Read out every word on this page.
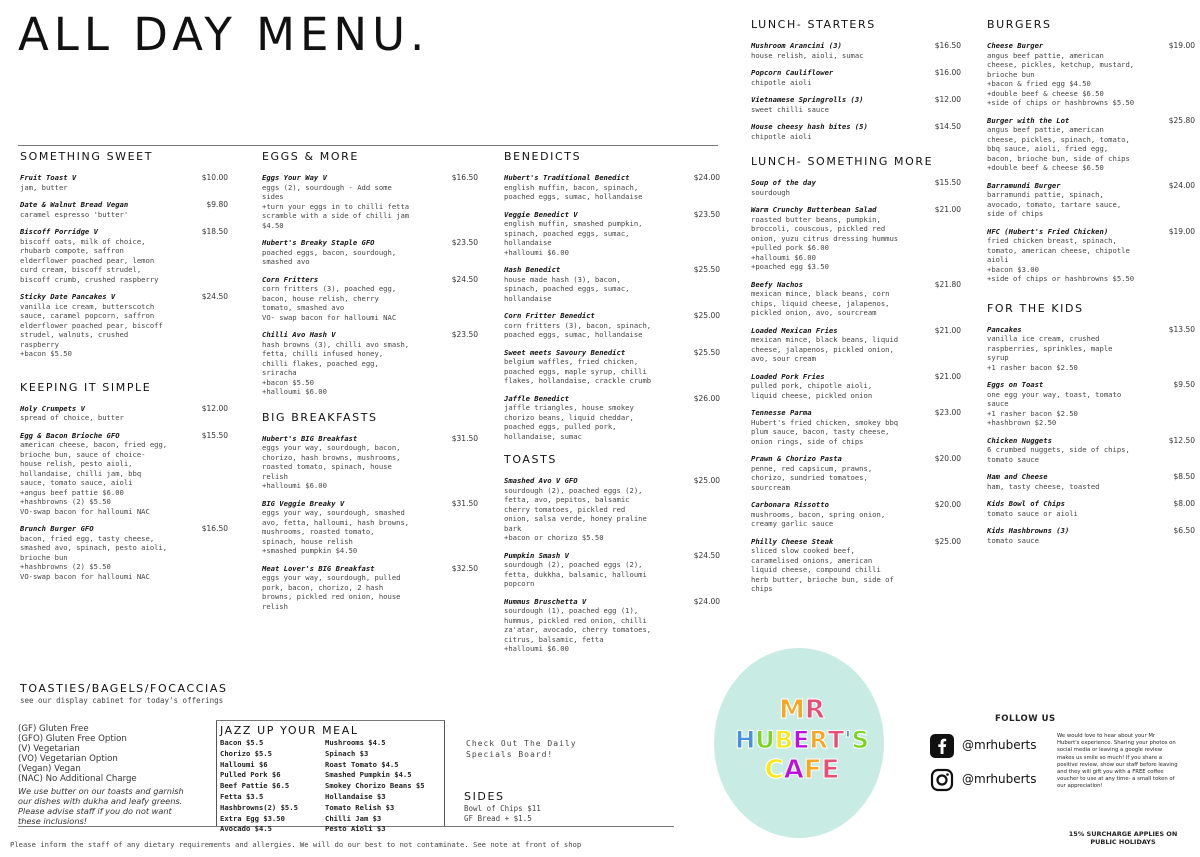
ALL DAY MENU.
SOMETHING SWEET
Fruit Toast V
jam, butter
$10.00
Date & Walnut Bread Vegan
caramel espresso 'butter'
$9.80
Biscoff Porridge V
biscoff oats, milk of choice,
rhubarb compote, saffron
elderflower poached pear, lemon
curd cream, biscoff strudel,
biscoff crumb, crushed raspberry
$18.50
Sticky Date Pancakes V
vanilla ice cream, butterscotch
sauce, caramel popcorn, saffron
elderflower poached pear, biscoff
strudel, walnuts, crushed
raspberry
+bacon $5.50
$24.50
KEEPING IT SIMPLE
Holy Crumpets V
spread of choice, butter
$12.00
Egg & Bacon Brioche GFO
american cheese, bacon, fried egg,
brioche bun, sauce of choice-
house relish, pesto aioli,
hollandaise, chilli jam, bbq
sauce, tomato sauce, aioli
+angus beef pattie $6.00
+hashbrowns (2) $5.50
VO-swap bacon for halloumi NAC
$15.50
Brunch Burger GFO
bacon, fried egg, tasty cheese,
smashed avo, spinach, pesto aioli,
brioche bun
+hashbrowns (2) $5.50
VO-swap bacon for halloumi NAC
$16.50
EGGS & MORE
Eggs Your Way V
eggs (2), sourdough - Add some
sides
+turn your eggs in to chilli fetta
scramble with a side of chilli jam
$4.50
$16.50
Hubert's Breaky Staple GFO
poached eggs, bacon, sourdough,
smashed avo
$23.50
Corn Fritters
corn fritters (3), poached egg,
bacon, house relish, cherry
tomato, smashed avo
VO- swap bacon for halloumi NAC
$24.50
Chilli Avo Hash V
hash browns (3), chilli avo smash,
fetta, chilli infused honey,
chilli flakes, poached egg,
sriracha
+bacon $5.50
+halloumi $6.00
$23.50
BIG BREAKFASTS
Hubert's BIG Breakfast
eggs your way, sourdough, bacon,
chorizo, hash browns, mushrooms,
roasted tomato, spinach, house
relish
+halloumi $6.00
$31.50
BIG Veggie Breaky V
eggs your way, sourdough, smashed
avo, fetta, halloumi, hash browns,
mushrooms, roasted tomato,
spinach, house relish
+smashed pumpkin $4.50
$31.50
Meat Lover's BIG Breakfast
eggs your way, sourdough, pulled
pork, bacon, chorizo, 2 hash
browns, pickled red onion, house
relish
$32.50
BENEDICTS
Hubert's Traditional Benedict
english muffin, bacon, spinach,
poached eggs, sumac, hollandaise
$24.00
Veggie Benedict V
english muffin, smashed pumpkin,
spinach, poached eggs, sumac,
hollandaise
+halloumi $6.00
$23.50
Hash Benedict
house made hash (3), bacon,
spinach, poached eggs, sumac,
hollandaise
$25.50
Corn Fritter Benedict
corn fritters (3), bacon, spinach,
poached eggs, sumac, hollandaise
$25.00
Sweet meets Savoury Benedict
belgium waffles, fried chicken,
poached eggs, maple syrup, chilli
flakes, hollandaise, crackle crumb
$25.50
Jaffle Benedict
jaffle triangles, house smokey
chorizo beans, liquid cheddar,
poached eggs, pulled pork,
hollandaise, sumac
$26.00
TOASTS
Smashed Avo V GFO
sourdough (2), poached eggs (2),
fetta, avo, pepitos, balsamic
cherry tomatoes, pickled red
onion, salsa verde, honey praline
bark
+bacon or chorizo $5.50
$25.00
Pumpkin Smash V
sourdough (2), poached eggs (2),
fetta, dukkha, balsamic, halloumi
popcorn
$24.50
Hummus Bruschetta V
sourdough (1), poached egg (1),
hummus, pickled red onion, chilli
za'atar, avocado, cherry tomatoes,
citrus, balsamic, fetta
+halloumi $6.00
$24.00
LUNCH- STARTERS
Mushroom Arancini (3)
house relish, aioli, sumac
$16.50
Popcorn Cauliflower
chipotle aioli
$16.00
Vietnamese Springrolls (3)
sweet chilli sauce
$12.00
House cheesy hash bites (5)
chipotle aioli
$14.50
LUNCH- SOMETHING MORE
Soup of the day
sourdough
$15.50
Warm Crunchy Butterbean Salad
roasted butter beans, pumpkin,
broccoli, couscous, pickled red
onion, yuzu citrus dressing hummus
+pulled pork $6.00
+halloumi $6.00
+poached egg $3.50
$21.00
Beefy Nachos
mexican mince, black beans, corn
chips, liquid cheese, jalapenos,
pickled onion, avo, sourcream
$21.80
Loaded Mexican Fries
mexican mince, black beans, liquid
cheese, jalapenos, pickled onion,
avo, sour cream
$21.00
Loaded Pork Fries
pulled pork, chipotle aioli,
liquid cheese, pickled onion
$21.00
Tennesse Parma
Hubert's fried chicken, smokey bbq
plum sauce, bacon, tasty cheese,
onion rings, side of chips
$23.00
Prawn & Chorizo Pasta
penne, red capsicum, prawns,
chorizo, sundried tomatoes,
sourcream
$20.00
Carbonara Rissotto
mushrooms, bacon, spring onion,
creamy garlic sauce
$20.00
Philly Cheese Steak
sliced slow cooked beef,
caramelised onions, american
liquid cheese, compound chilli
herb butter, brioche bun, side of
chips
$25.00
BURGERS
Cheese Burger
angus beef pattie, american
cheese, pickles, ketchup, mustard,
brioche bun
+bacon & fried egg $4.50
+double beef & cheese $6.50
+side of chips or hashbrowns $5.50
$19.00
Burger with the Lot
angus beef pattie, american
cheese, pickles, spinach, tomato,
bbq sauce, aioli, fried egg,
bacon, brioche bun, side of chips
+double beef & cheese $6.50
$25.80
Barramundi Burger
barramundi pattie, spinach,
avocado, tomato, tartare sauce,
side of chips
$24.00
HFC (Hubert's Fried Chicken)
fried chicken breast, spinach,
tomato, american cheese, chipotle
aioli
+bacon $3.00
+side of chips or hashbrowns $5.50
$19.00
FOR THE KIDS
Pancakes
vanilla ice cream, crushed
raspberries, sprinkles, maple
syrup
+1 rasher bacon $2.50
$13.50
Eggs on Toast
one egg your way, toast, tomato
sauce
+1 rasher bacon $2.50
+hashbrown $2.50
$9.50
Chicken Nuggets
6 crumbed nuggets, side of chips,
tomato sauce
$12.50
Ham and Cheese
ham, tasty cheese, toasted
$8.50
Kids Bowl of Chips
tomato sauce or aioli
$8.00
Kids Hashbrowns (3)
tomato sauce
$6.50
TOASTIES/BAGELS/FOCACCIAS
see our display cabinet for today's offerings
(GF) Gluten Free
(GFO) Gluten Free Option
(V) Vegetarian
(VO) Vegetarian Option
(Vegan) Vegan
(NAC) No Additional Charge
We use butter on our toasts and garnish
our dishes with dukha and leafy greens.
Please advise staff if you do not want
these inclusions!
JAZZ UP YOUR MEAL
Bacon $5.5
Chorizo $5.5
Halloumi $6
Pulled Pork $6
Beef Pattie $6.5
Fetta $3.5
Hashbrowns(2) $5.5
Extra Egg $3.50
Avocado $4.5
Mushrooms $4.5
Spinach $3
Roast Tomato $4.5
Smashed Pumpkin $4.5
Smokey Chorizo Beans $5
Hollandaise $3
Tomato Relish $3
Chilli Jam $3
Pesto Aioli $3
Check Out The Daily
Specials Board!
SIDES
Bowl of Chips $11
GF Bread + $1.5
Please inform the staff of any dietary requirements and allergies. We will do our best to not contaminate. See note at front of shop
MR
HUBERT'S
CAFE
FOLLOW US
@mrhuberts
@mrhuberts
We would love to hear about your Mr Hubert's experience. Sharing your photos on social media or leaving a google review makes us smile so much! If you share a positive review, show our staff before leaving and they will gift you with a FREE coffee voucher to use at any time- a small token of our appreciation!
15% SURCHARGE APPLIES ON
PUBLIC HOLIDAYS
